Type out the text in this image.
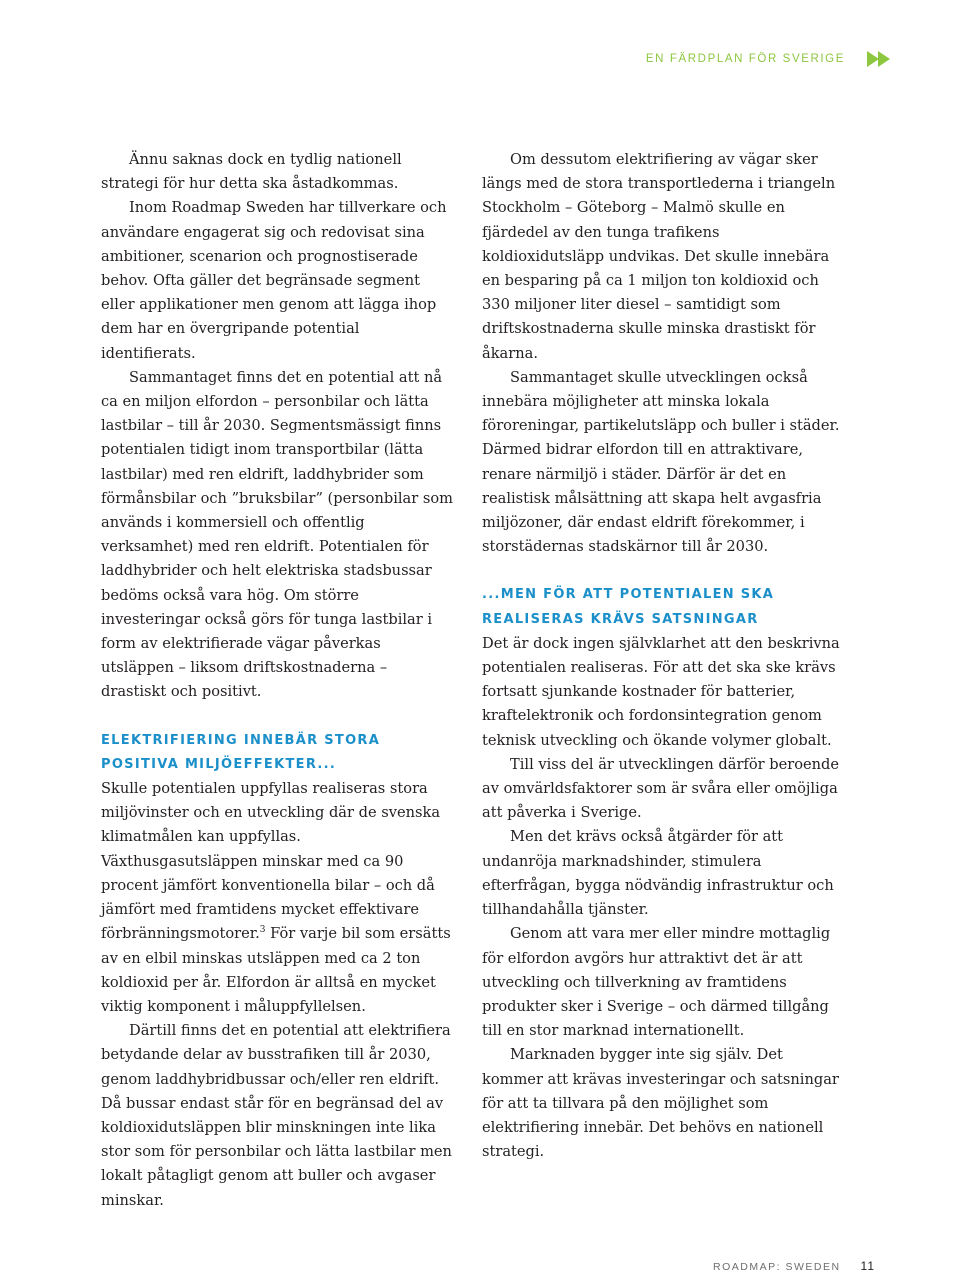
EN FÄRDPLAN FÖR SVERIGE

Ännu saknas dock en tydlig nationell strategi för hur detta ska åstadkommas.

Inom Roadmap Sweden har tillverkare och användare engagerat sig och redovisat sina ambitioner, scenarion och prognostiserade behov. Ofta gäller det begränsade segment eller applikationer men genom att lägga ihop dem har en övergripande potential identifierats.

Sammantaget finns det en potential att nå ca en miljon elfordon – personbilar och lätta lastbilar – till år 2030. Segmentsmässigt finns potentialen tidigt inom transportbilar (lätta lastbilar) med ren eldrift, laddhybrider som förmånsbilar och ”bruksbilar” (personbilar som används i kommersiell och offentlig verksamhet) med ren eldrift. Potentialen för laddhybrider och helt elektriska stadsbussar bedöms också vara hög. Om större investeringar också görs för tunga lastbilar i form av elektrifierade vägar påverkas utsläppen – liksom driftskostnaderna – drastiskt och positivt.

ELEKTRIFIERING INNEBÄR STORA POSITIVA MILJÖEFFEKTER...

Skulle potentialen uppfyllas realiseras stora miljövinster och en utveckling där de svenska klimatmålen kan uppfyllas. Växthusgasutsläppen minskar med ca 90 procent jämfört konventionella bilar – och då jämfört med framtidens mycket effektivare förbränningsmotorer.$^3$ För varje bil som ersätts av en elbil minskas utsläppen med ca 2 ton koldioxid per år. Elfordon är alltså en mycket viktig komponent i måluppfyllelsen.

Därtill finns det en potential att elektrifiera betydande delar av busstrafiken till år 2030, genom laddhybridbussar och/eller ren eldrift. Då bussar endast står för en begränsad del av koldioxidutsläppen blir minskningen inte lika stor som för personbilar och lätta lastbilar men lokalt påtagligt genom att buller och avgaser minskar.

Om dessutom elektrifiering av vägar sker längs med de stora transportlederna i triangeln Stockholm – Göteborg – Malmö skulle en fjärdedel av den tunga trafikens koldioxidutsläpp undvikas. Det skulle innebära en besparing på ca 1 miljon ton koldioxid och 330 miljoner liter diesel – samtidigt som driftskostnaderna skulle minska drastiskt för åkarna.

Sammantaget skulle utvecklingen också innebära möjligheter att minska lokala föroreningar, partikelutsläpp och buller i städer. Därmed bidrar elfordon till en attraktivare, renare närmiljö i städer. Därför är det en realistisk målsättning att skapa helt avgasfria miljözoner, där endast eldrift förekommer, i storstädernas stadskärnor till år 2030.

...MEN FÖR ATT POTENTIALEN SKA REALISERAS KRÄVS SATSNINGAR

Det är dock ingen självklarhet att den beskrivna potentialen realiseras. För att det ska ske krävs fortsatt sjunkande kostnader för batterier, kraftelektronik och fordonsintegration genom teknisk utveckling och ökande volymer globalt.

Till viss del är utvecklingen därför beroende av omvärldsfaktorer som är svåra eller omöjliga att påverka i Sverige.

Men det krävs också åtgärder för att undanröja marknadshinder, stimulera efterfrågan, bygga nödvändig infrastruktur och tillhandahålla tjänster.

Genom att vara mer eller mindre mottaglig för elfordon avgörs hur attraktivt det är att utveckling och tillverkning av framtidens produkter sker i Sverige – och därmed tillgång till en stor marknad internationellt.

Marknaden bygger inte sig själv. Det kommer att krävas investeringar och satsningar för att ta tillvara på den möjlighet som elektrifiering innebär. Det behövs en nationell strategi.

ROADMAP: SWEDEN 11
